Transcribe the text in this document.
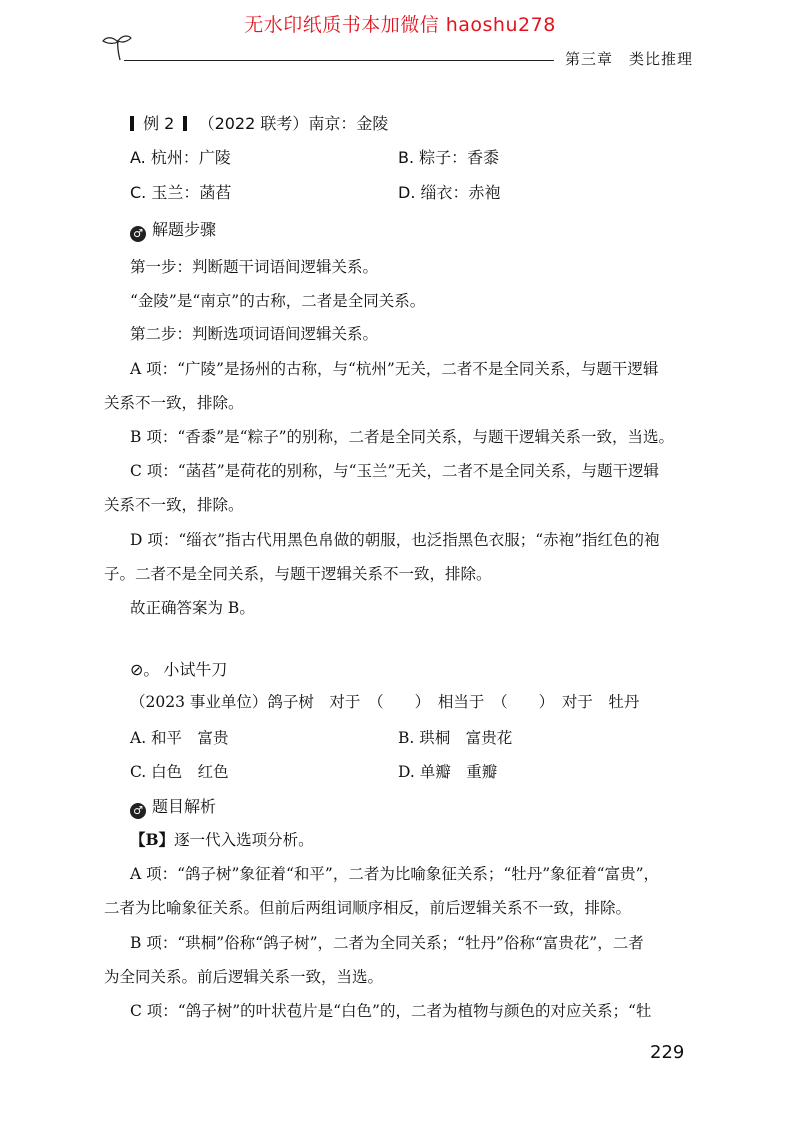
无水印纸质书本加微信 haoshu278
第三章 类比推理
例 2 （2022 联考）南京：金陵
A. 杭州：广陵	B. 粽子：香黍
C. 玉兰：菡萏	D. 缁衣：赤袍
♂ 解题步骤
第一步：判断题干词语间逻辑关系。
“金陵”是“南京”的古称，二者是全同关系。
第二步：判断选项词语间逻辑关系。
A 项：“广陵”是扬州的古称，与“杭州”无关，二者不是全同关系，与题干逻辑
关系不一致，排除。
B 项：“香黍”是“粽子”的别称，二者是全同关系，与题干逻辑关系一致，当选。
C 项：“菡萏”是荷花的别称，与“玉兰”无关，二者不是全同关系，与题干逻辑
关系不一致，排除。
D 项：“缁衣”指古代用黑色帛做的朝服，也泛指黑色衣服；“赤袍”指红色的袍
子。二者不是全同关系，与题干逻辑关系不一致，排除。
故正确答案为 B。
⊘。 小试牛刀
（2023 事业单位）鸽子树　对于　（　　）　相当于　（　　）　对于　牡丹
A. 和平　富贵	B. 珙桐　富贵花
C. 白色　红色	D. 单瓣　重瓣
♂ 题目解析
【B】逐一代入选项分析。
A 项：“鸽子树”象征着“和平”，二者为比喻象征关系；“牡丹”象征着“富贵”，
二者为比喻象征关系。但前后两组词顺序相反，前后逻辑关系不一致，排除。
B 项：“珙桐”俗称“鸽子树”，二者为全同关系；“牡丹”俗称“富贵花”，二者
为全同关系。前后逻辑关系一致，当选。
C 项：“鸽子树”的叶状苞片是“白色”的，二者为植物与颜色的对应关系；“牡
229
